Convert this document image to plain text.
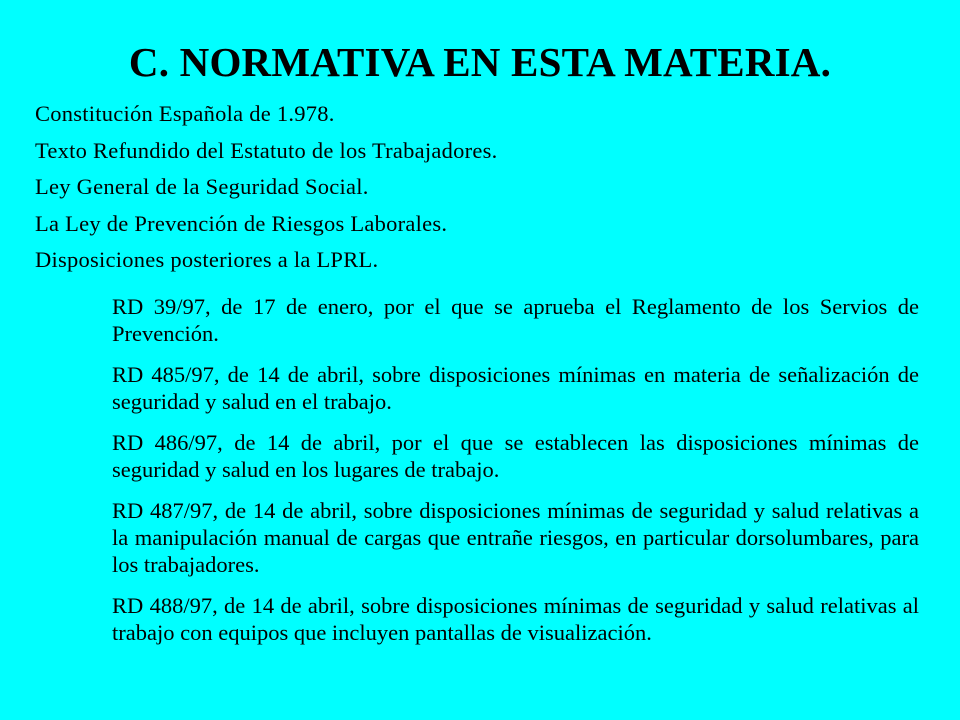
C. NORMATIVA EN ESTA MATERIA.
Constitución Española de 1.978.
Texto Refundido del Estatuto de los Trabajadores.
Ley General de la Seguridad Social.
La Ley de Prevención de Riesgos Laborales.
Disposiciones posteriores a la LPRL.
RD 39/97, de 17 de enero, por el que se aprueba el Reglamento de los Servios de Prevención.
RD 485/97, de 14 de abril, sobre disposiciones mínimas en materia de señalización de seguridad y salud en el trabajo.
RD 486/97, de 14 de abril, por el que se establecen las disposiciones mínimas de seguridad y salud en los lugares de trabajo.
RD 487/97, de 14 de abril, sobre disposiciones mínimas de seguridad y salud relativas a la manipulación manual de cargas que entrañe riesgos, en particular dorsolumbares, para los trabajadores.
RD 488/97, de 14 de abril, sobre disposiciones mínimas de seguridad y salud relativas al trabajo con equipos que incluyen pantallas de visualización.
